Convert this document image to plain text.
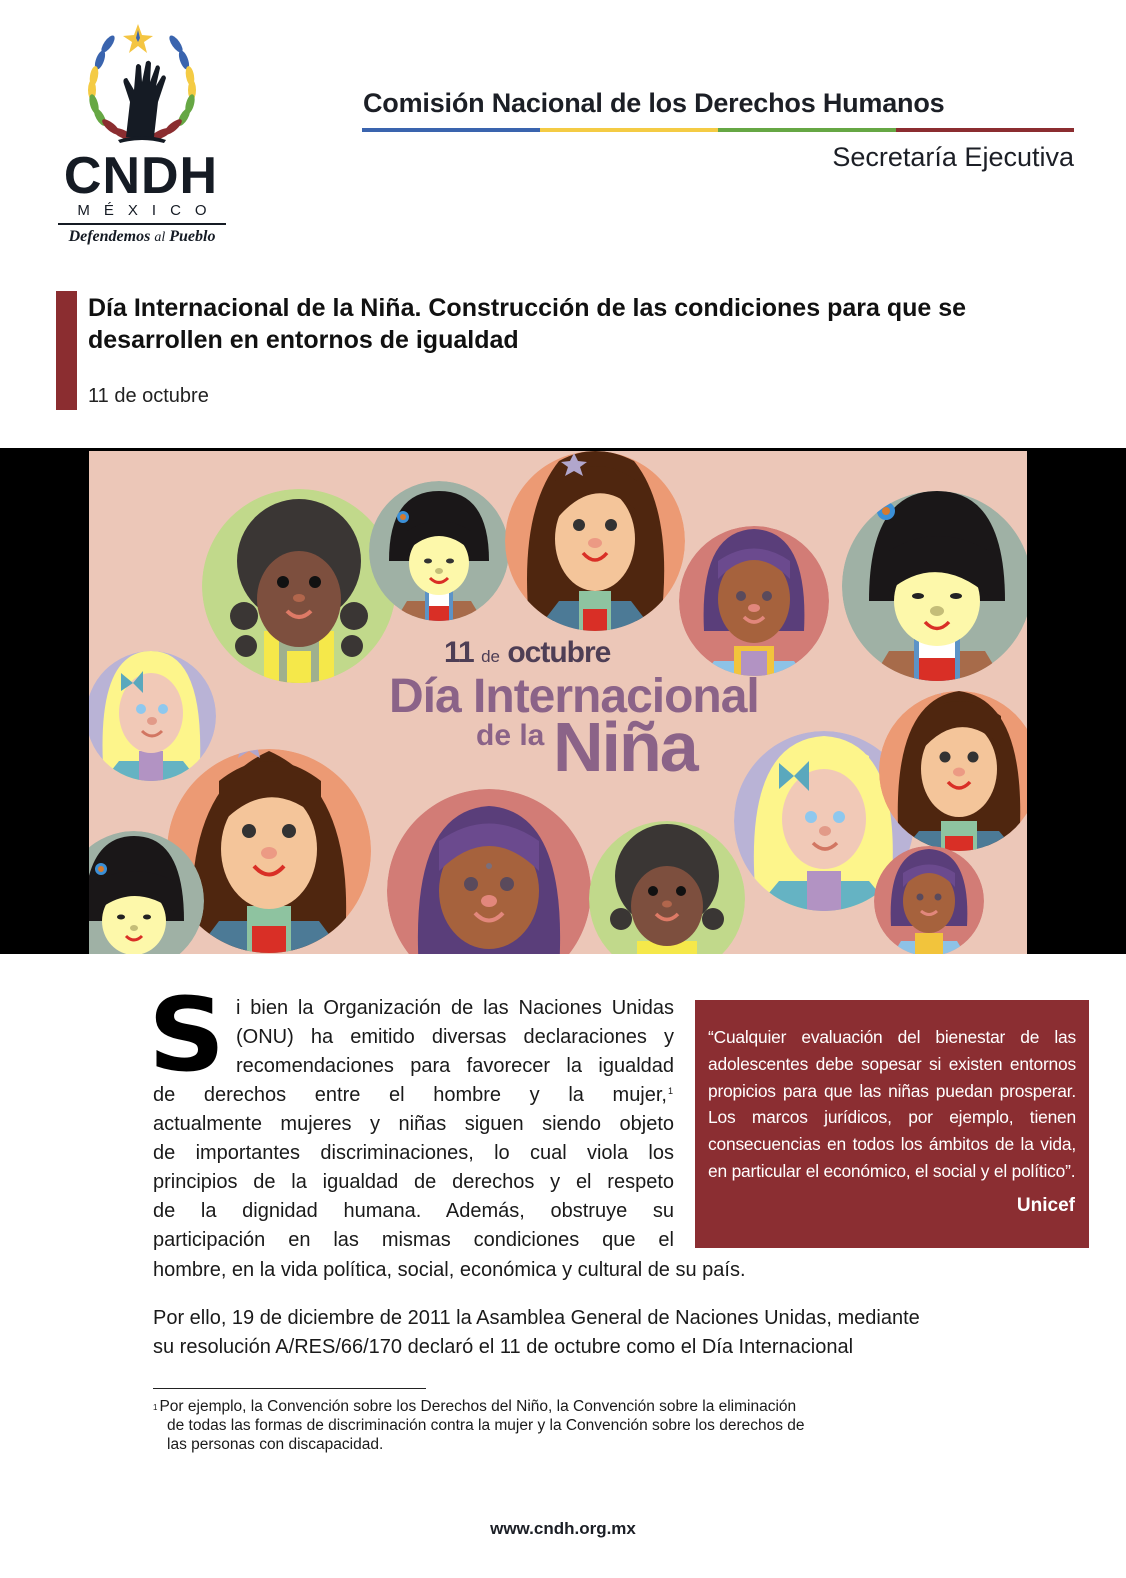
CNDH
MÉXICO
Defendemos al Pueblo
Comisión Nacional de los Derechos Humanos
Secretaría Ejecutiva
Día Internacional de la Niña. Construcción de las condiciones para que se desarrollen en entornos de igualdad
11 de octubre
11 de octubre
Día Internacional
de la Niña
S i bien la Organización de las Naciones Unidas
(ONU) ha emitido diversas declaraciones y
recomendaciones para favorecer la igualdad
de derechos entre el hombre y la mujer, 1
actualmente mujeres y niñas siguen siendo objeto
de importantes discriminaciones, lo cual viola los
principios de la igualdad de derechos y el respeto
de la dignidad humana. Además, obstruye su
participación en las mismas condiciones que el
hombre, en la vida política, social, económica y cultural de su país.
Por ello, 19 de diciembre de 2011 la Asamblea General de Naciones Unidas, mediante
su resolución A/RES/66/170 declaró el 11 de octubre como el Día Internacional
“Cualquier evaluación del bienestar de las
adolescentes debe sopesar si existen entornos
propicios para que las niñas puedan prosperar.
Los marcos jurídicos, por ejemplo, tienen
consecuencias en todos los ámbitos de la vida,
en particular el económico, el social y el político”.
Unicef
$^1$ Por ejemplo, la Convención sobre los Derechos del Niño, la Convención sobre la eliminación
de todas las formas de discriminación contra la mujer y la Convención sobre los derechos de
las personas con discapacidad.
www.cndh.org.mx
